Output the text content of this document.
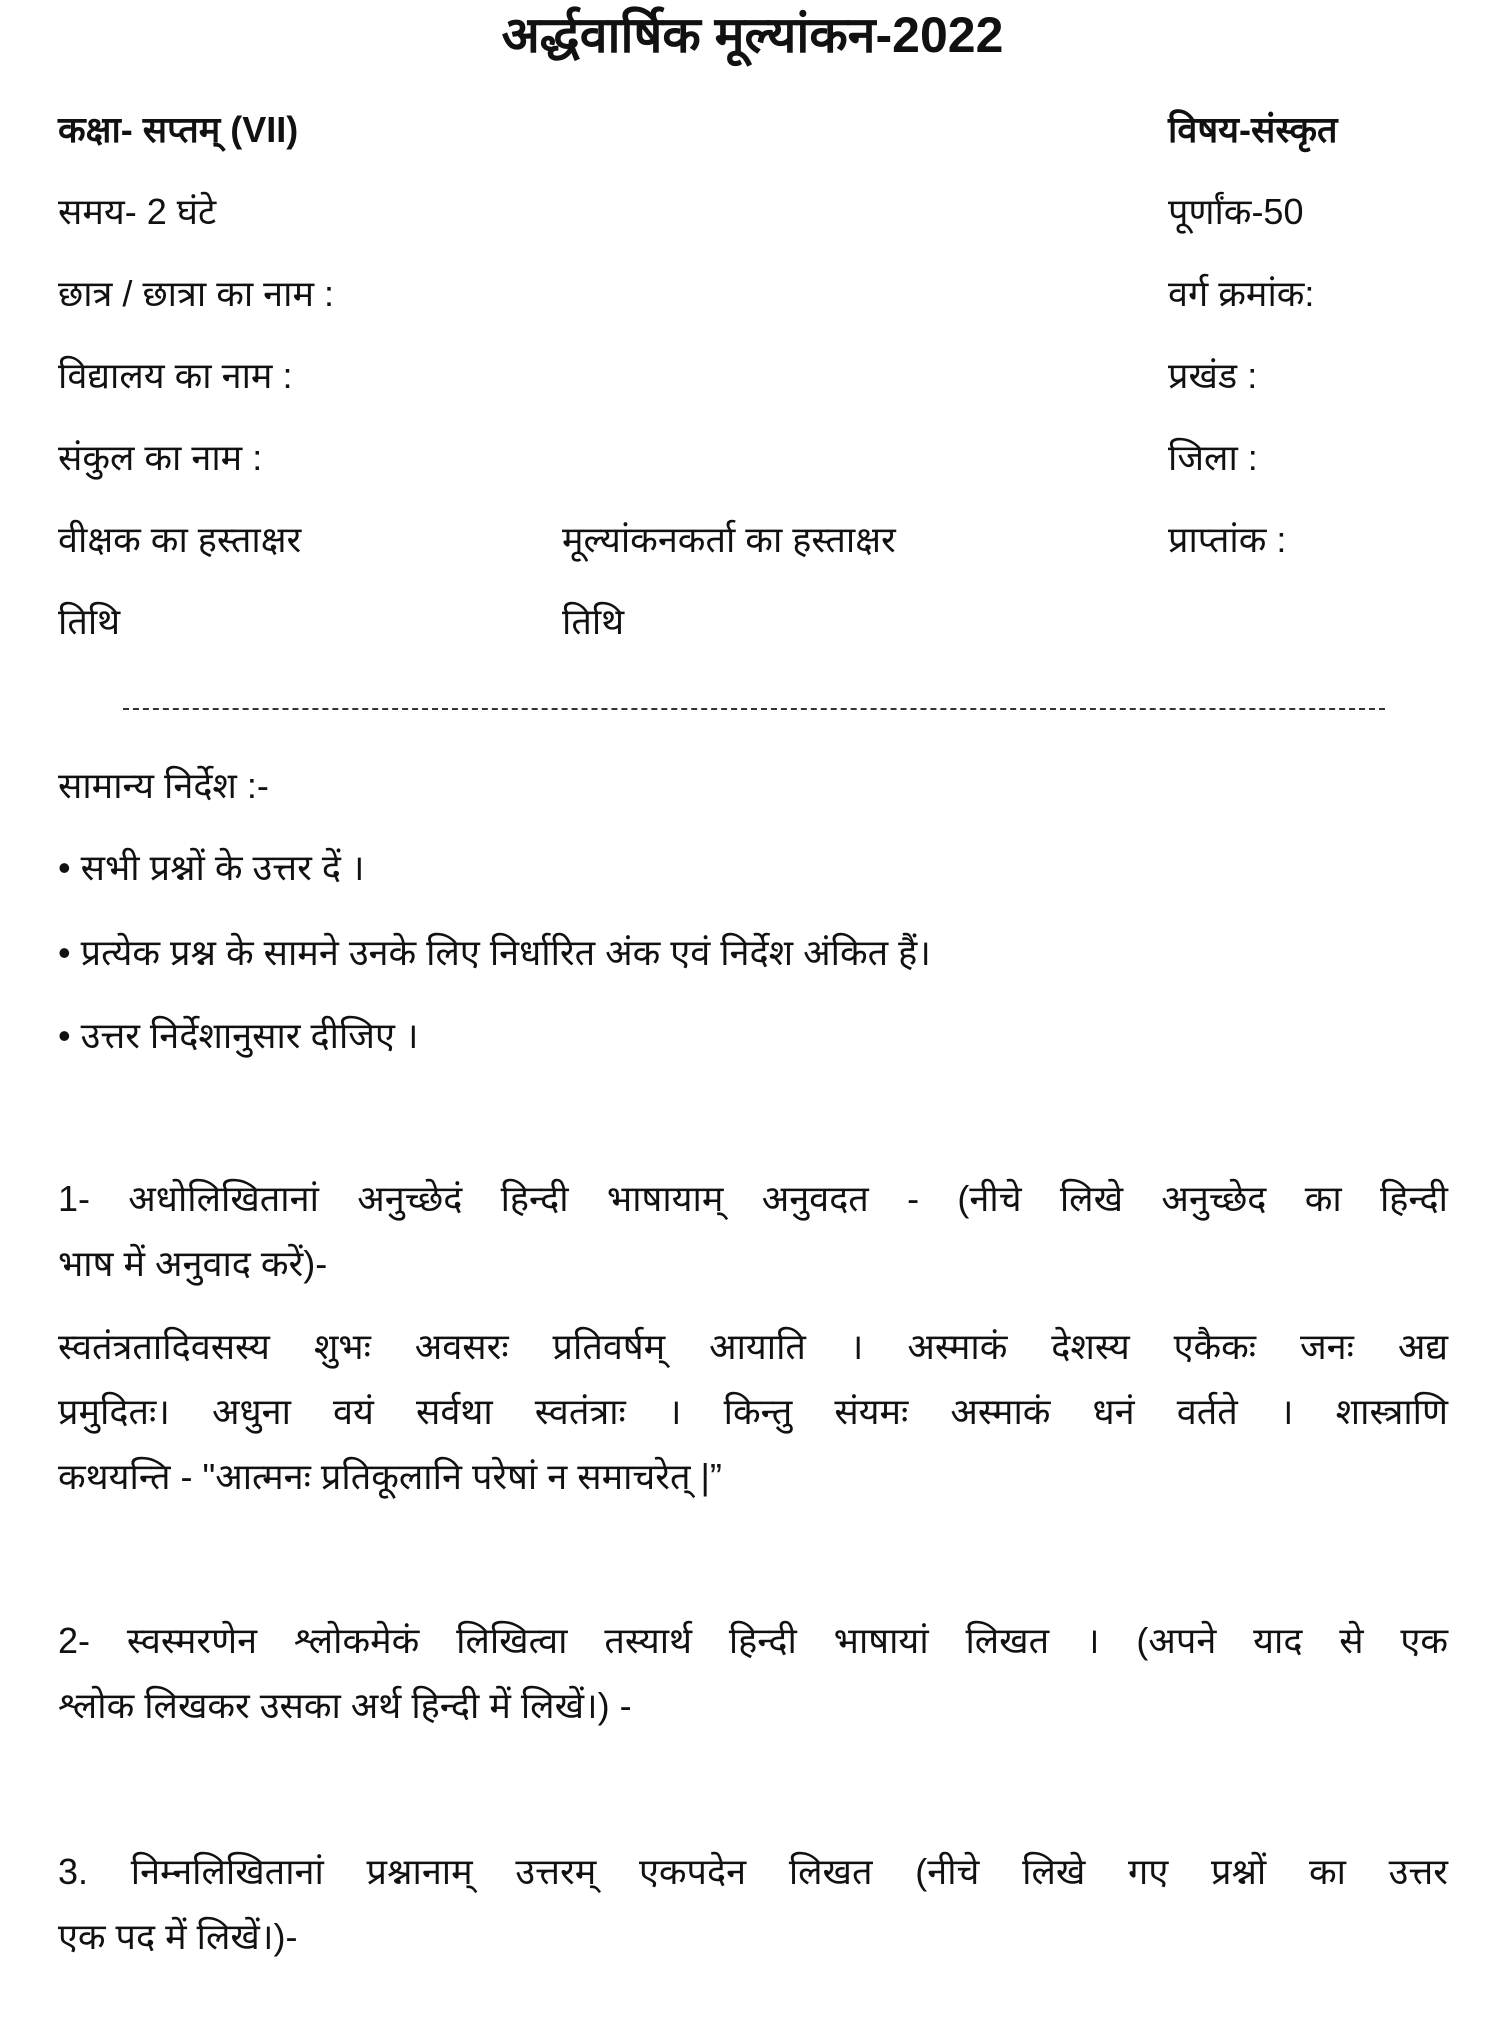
अर्द्धवार्षिक मूल्यांकन-2022
कक्षा- सप्तम् (VII)	विषय-संस्कृत
समय- 2 घंटे	पूर्णांक-50
छात्र / छात्रा का नाम :	वर्ग क्रमांक:
विद्यालय का नाम :	प्रखंड :
संकुल का नाम :	जिला :
वीक्षक का हस्ताक्षर	मूल्यांकनकर्ता का हस्ताक्षर	प्राप्तांक :
तिथि	तिथि
सामान्य निर्देश :-
• सभी प्रश्नों के उत्तर दें ।
• प्रत्येक प्रश्न के सामने उनके लिए निर्धारित अंक एवं निर्देश अंकित हैं।
• उत्तर निर्देशानुसार दीजिए ।
1- अधोलिखितानां अनुच्छेदं हिन्दी भाषायाम् अनुवदत - (नीचे लिखे अनुच्छेद का हिन्दी
भाष में अनुवाद करें)-
स्वतंत्रतादिवसस्य शुभः अवसरः प्रतिवर्षम् आयाति । अस्माकं देशस्य एकैकः जनः अद्य
प्रमुदितः। अधुना वयं सर्वथा स्वतंत्राः । किन्तु संयमः अस्माकं धनं वर्तते । शास्त्राणि
कथयन्ति - "आत्मनः प्रतिकूलानि परेषां न समाचरेत् |”
2- स्वस्मरणेन श्लोकमेकं लिखित्वा तस्यार्थ हिन्दी भाषायां लिखत । (अपने याद से एक
श्लोक लिखकर उसका अर्थ हिन्दी में लिखें।) -
3. निम्नलिखितानां प्रश्नानाम् उत्तरम् एकपदेन लिखत (नीचे लिखे गए प्रश्नों का उत्तर
एक पद में लिखें।)-
